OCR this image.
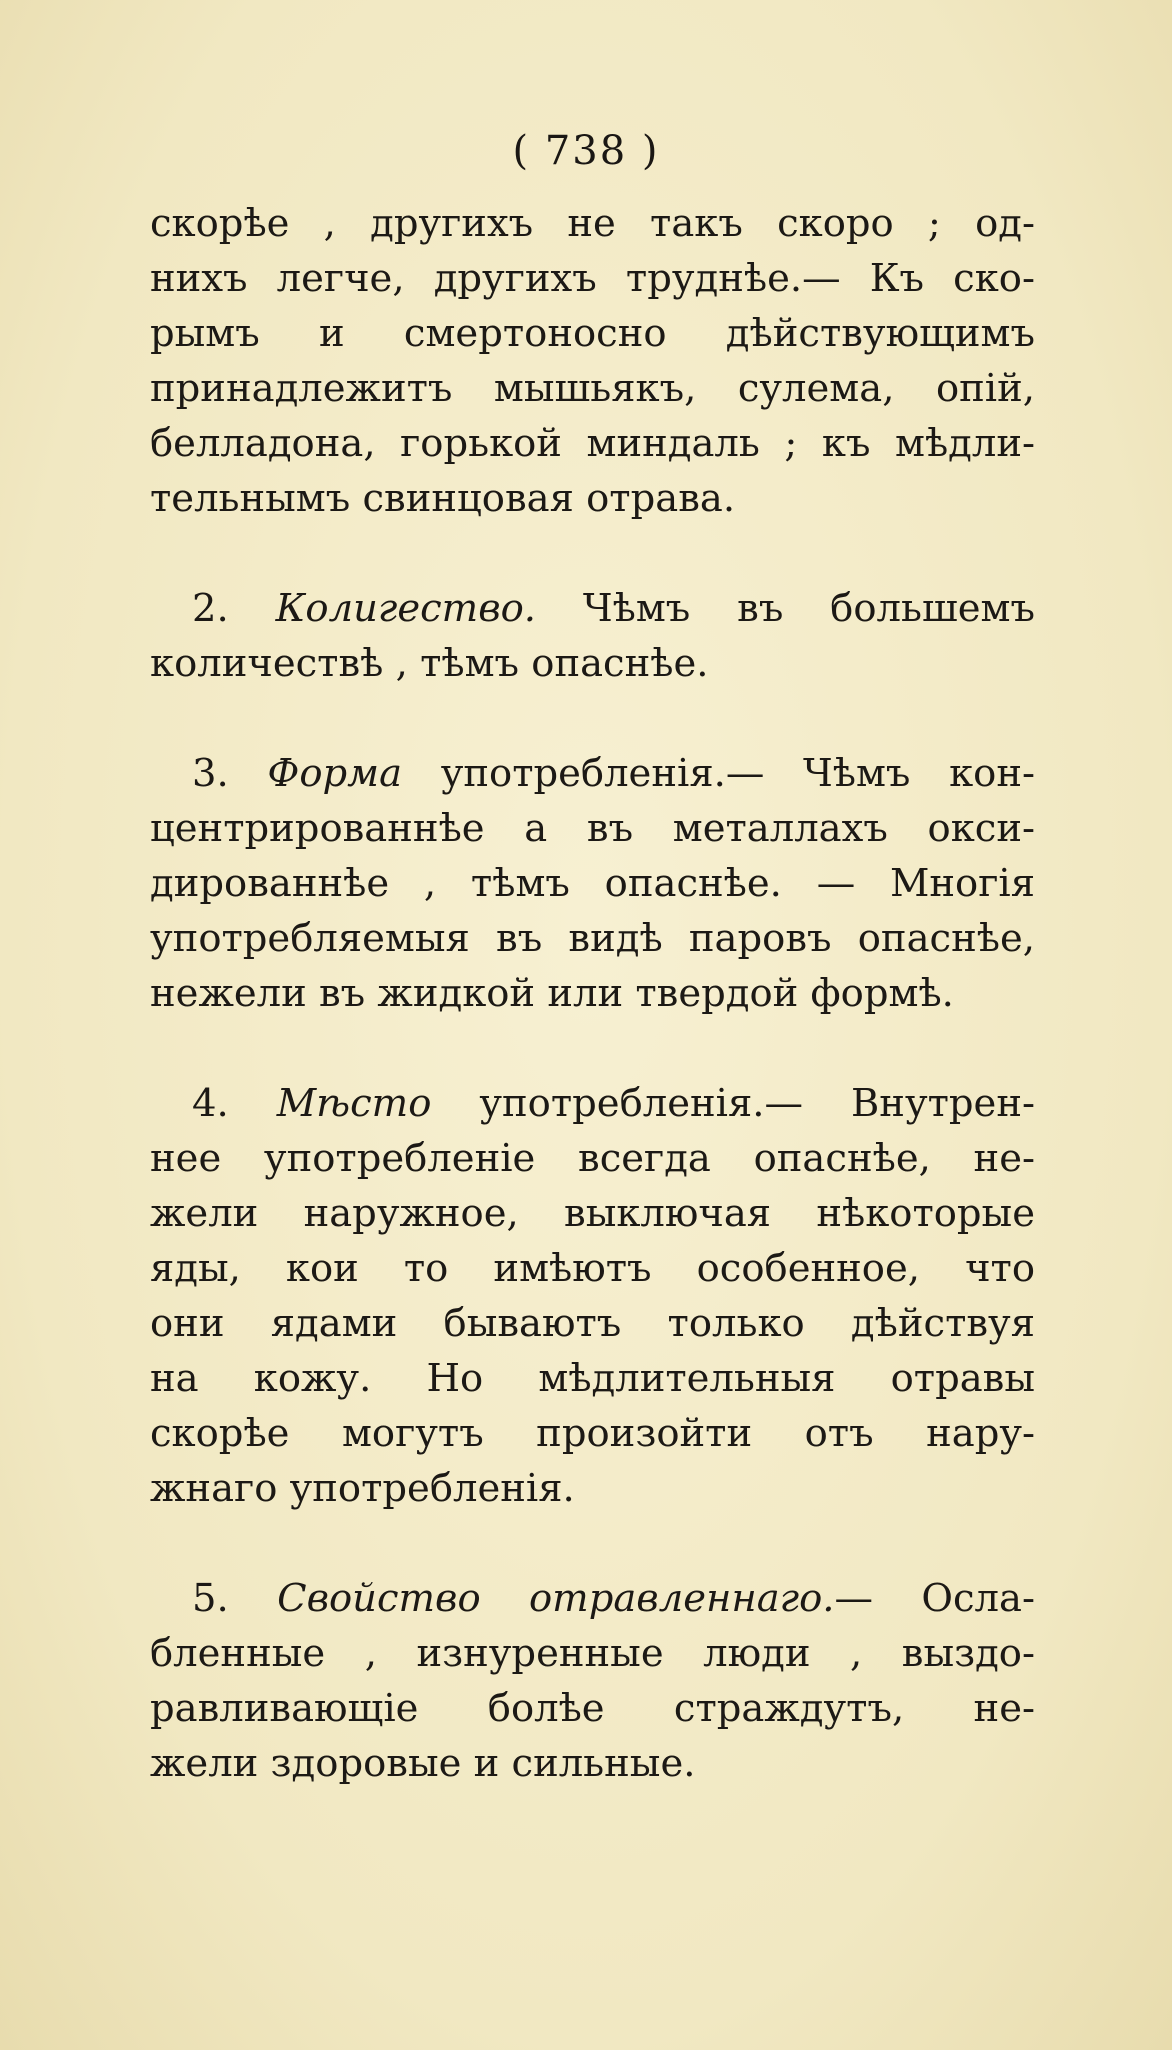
( 738 )
скорѣе , другихъ не такъ скоро ; од-
нихъ легче, другихъ труднѣе.— Къ ско-
рымъ и смертоносно дѣйствующимъ
принадлежитъ мышьякъ, сулема, опій,
белладона, горькой миндаль ; къ мѣдли-
тельнымъ свинцовая отрава.
2. Колигество. Чѣмъ въ большемъ
количествѣ , тѣмъ опаснѣе.
3. Форма употребленія.— Чѣмъ кон-
центрированнѣе а въ металлахъ окси-
дированнѣе , тѣмъ опаснѣе. — Многія
употребляемыя въ видѣ паровъ опаснѣе,
нежели въ жидкой или твердой формѣ.
4. Мѣсто употребленія.— Внутрен-
нее употребленіе всегда опаснѣе, не-
жели наружное, выключая нѣкоторые
яды, кои то имѣютъ особенное, что
они ядами бываютъ только дѣйствуя
на кожу. Но мѣдлительныя отравы
скорѣе могутъ произойти отъ нару-
жнаго употребленія.
5. Свойство отравленнаго.— Осла-
бленные , изнуренные люди , выздо-
равливающіе болѣе страждутъ, не-
жели здоровые и сильные.
